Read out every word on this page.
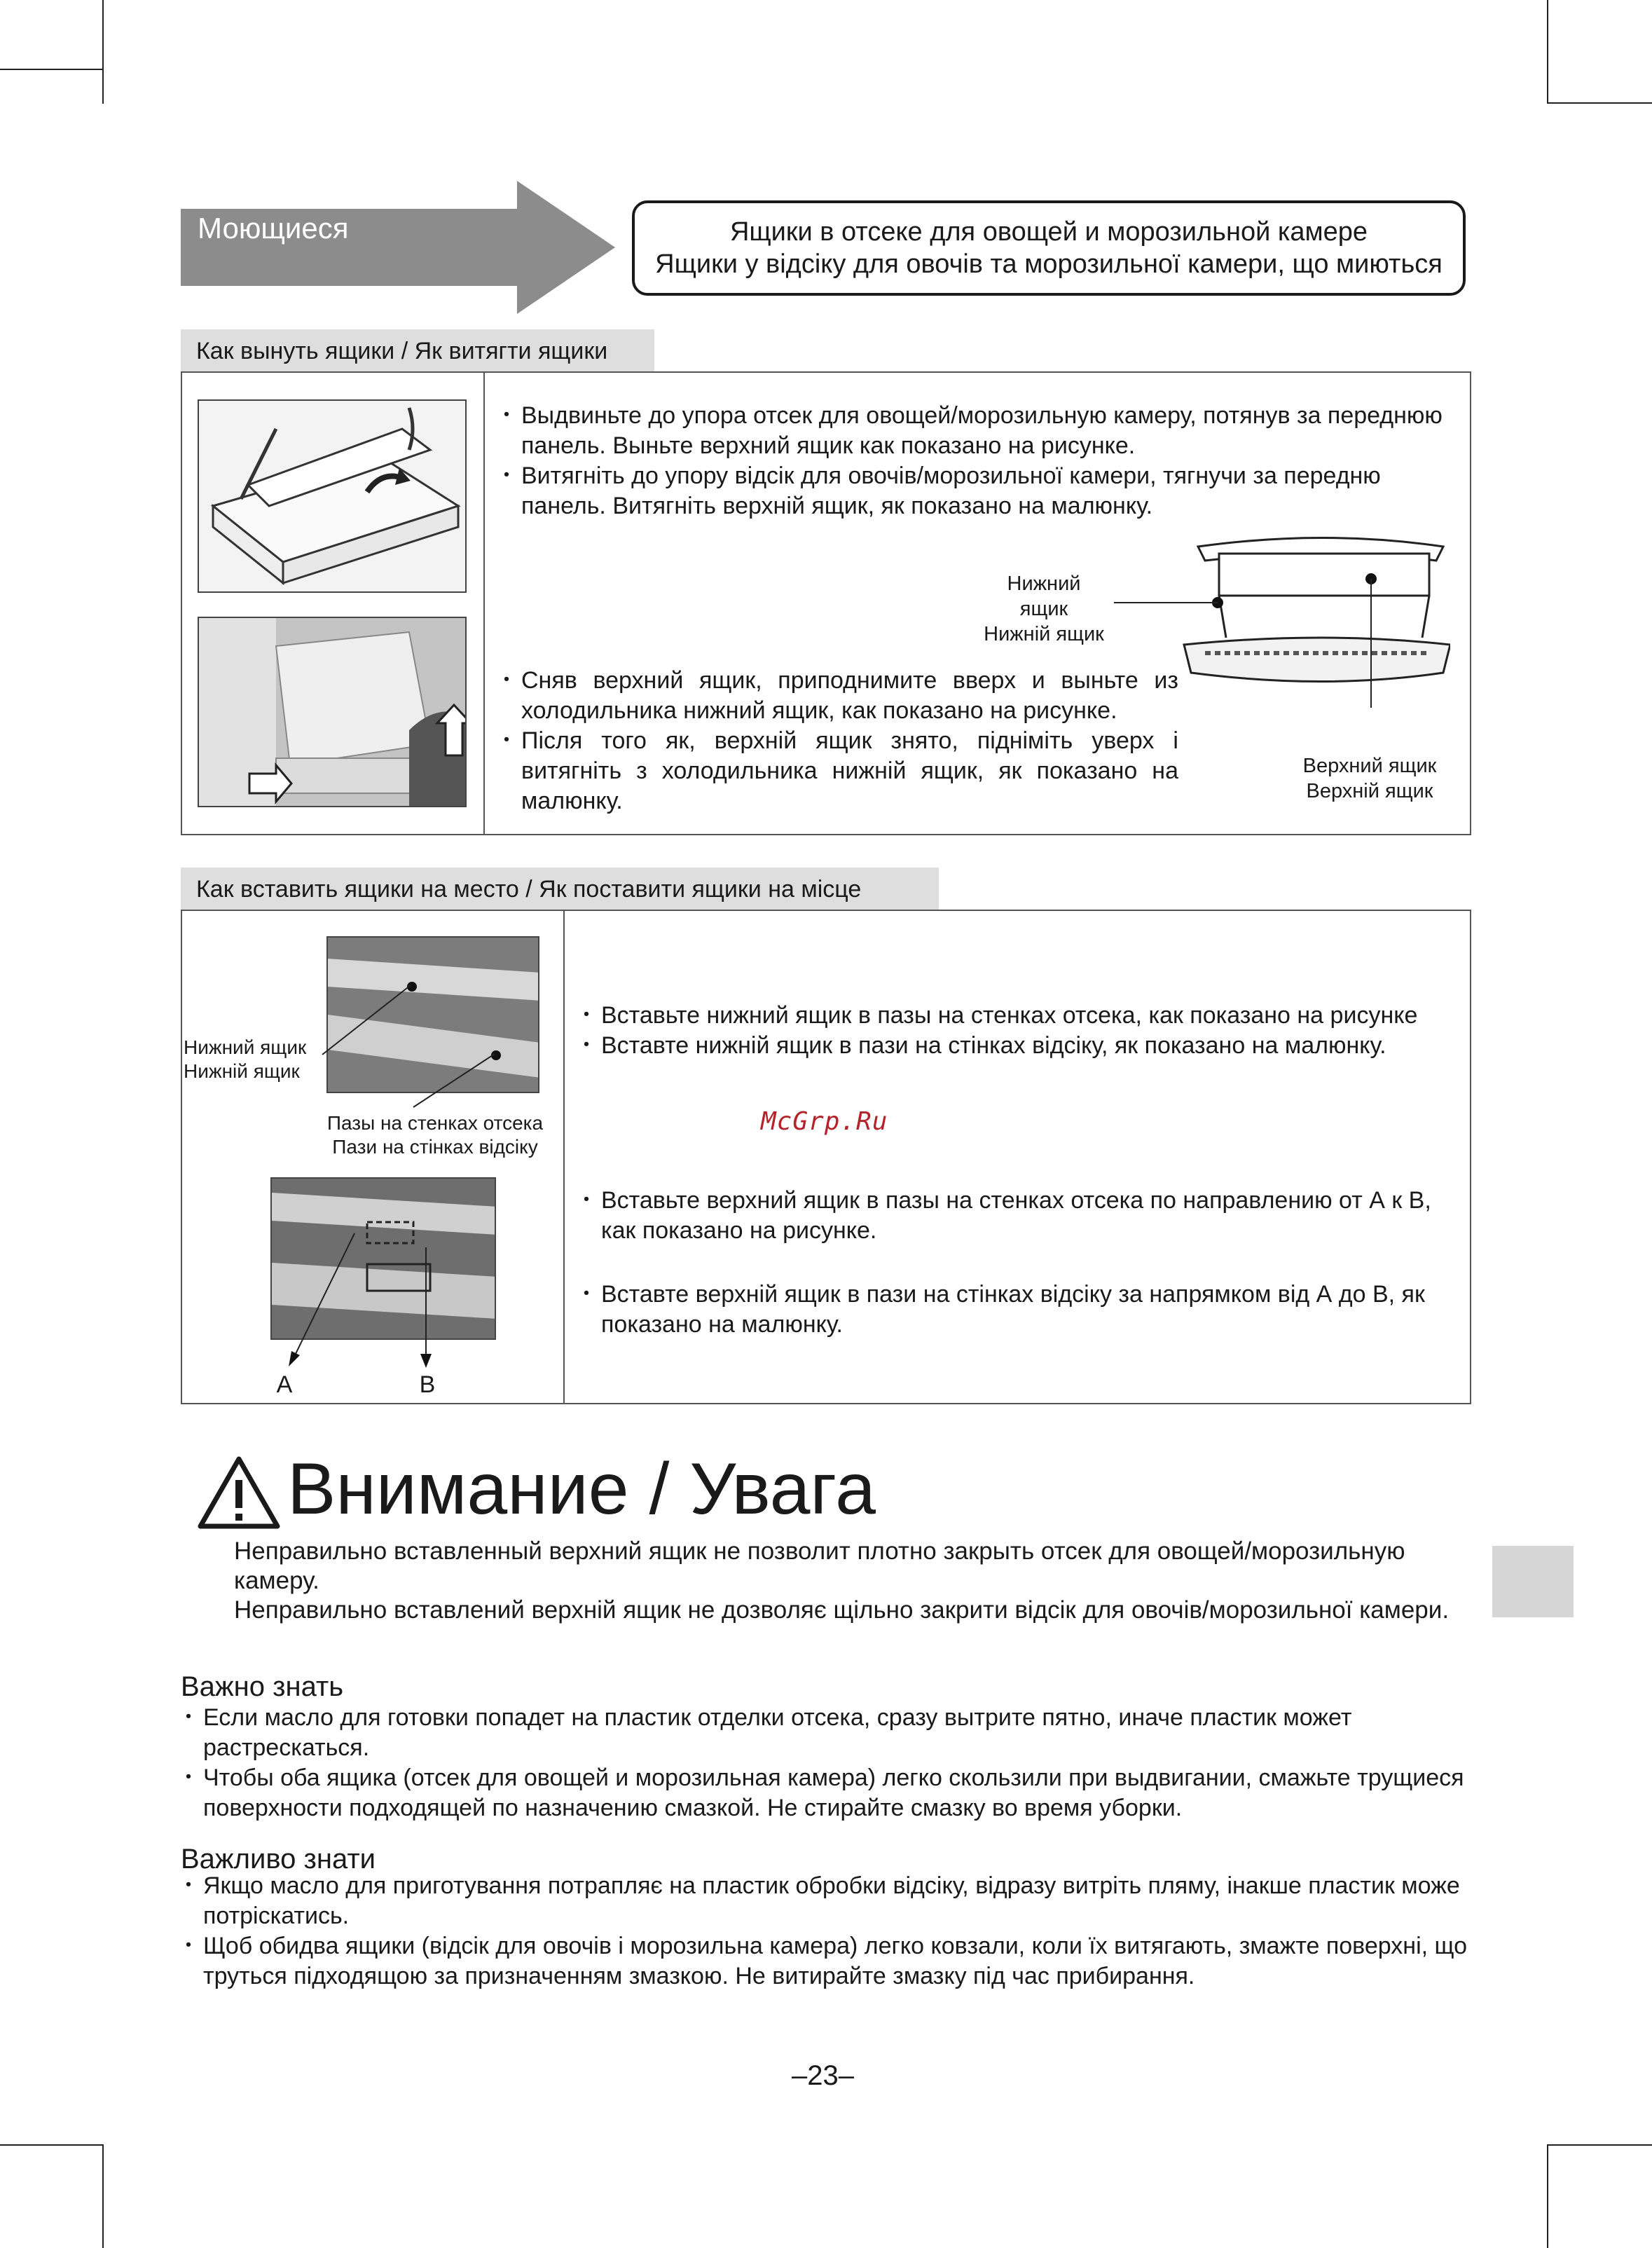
Моющиеся	Ящики в отсеке для овощей и морозильной камере
Ящики у відсіку для овочів та морозильної камери, що миються
Как вынуть ящики / Як витягти ящики
・ Выдвиньте до упора отсек для овощей/морозильную камеру, потянув за переднюю панель. Выньте верхний ящик как показано на рисунке.
・ Витягніть до упору відсік для овочів/морозильної камери, тягнучи за передню панель. Витягніть верхній ящик, як показано на малюнку.
Нижний ящик
Нижній ящик
Верхний ящик
Верхній ящик
・ Сняв верхний ящик, приподнимите вверх и выньте из холодильника нижний ящик, как показано на рисунке.
・ Після того як, верхній ящик знято, підніміть уверх і витягніть з холодильника нижній ящик, як показано на малюнку.
Как вставить ящики на место / Як поставити ящики на місце
Нижний ящик
Нижній ящик
Пазы на стенках отсека
Пази на стінках відсіку
A	B
・ Вставьте нижний ящик в пазы на стенках отсека, как показано на рисунке
・ Вставте нижній ящик в пази на стінках відсіку, як показано на малюнку.
McGrp.Ru
・ Вставьте верхний ящик в пазы на стенках отсека по направлению от А к В, как показано на рисунке.
・ Вставте верхній ящик в пази на стінках відсіку за напрямком від А до В, як показано на малюнку.
Внимание / Увага
Неправильно вставленный верхний ящик не позволит плотно закрыть отсек для овощей/морозильную камеру.
Неправильно вставлений верхній ящик не дозволяє щільно закрити відсік для овочів/морозильної камери.
Важно знать
・ Если масло для готовки попадет на пластик отделки отсека, сразу вытрите пятно, иначе пластик может растрескаться.
・ Чтобы оба ящика (отсек для овощей и морозильная камера) легко скользили при выдвигании, смажьте трущиеся поверхности подходящей по назначению смазкой. Не стирайте смазку во время уборки.
Важливо знати
・ Якщо масло для приготування потрапляє на пластик обробки відсіку, відразу витріть пляму, інакше пластик може потріскатись.
・ Щоб обидва ящики (відсік для овочів і морозильна камера) легко ковзали, коли їх витягають, змажте поверхні, що труться підходящою за призначенням змазкою. Не витирайте змазку під час прибирання.
–23–
